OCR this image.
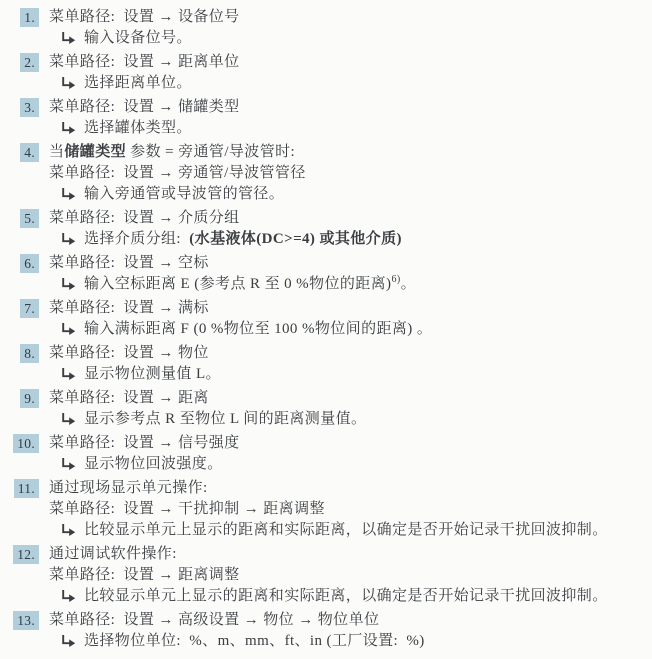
1. 菜单路径:  设置 → 设备位号
输入设备位号。
2. 菜单路径:  设置 → 距离单位
选择距离单位。
3. 菜单路径:  设置 → 储罐类型
选择罐体类型。
4. 当储罐类型 参数 = 旁通管/导波管时:
菜单路径:  设置 → 旁通管/导波管管径
输入旁通管或导波管的管径。
5. 菜单路径:  设置 → 介质分组
选择介质分组:  (水基液体(DC>=4) 或其他介质)
6. 菜单路径:  设置 → 空标
输入空标距离 E (参考点 R 至 0 %物位的距离)$^{6)}$。
7. 菜单路径:  设置 → 满标
输入满标距离 F (0 %物位至 100 %物位间的距离) 。
8. 菜单路径:  设置 → 物位
显示物位测量值 L。
9. 菜单路径:  设置 → 距离
显示参考点 R 至物位 L 间的距离测量值。
10. 菜单路径:  设置 → 信号强度
显示物位回波强度。
11. 通过现场显示单元操作:
菜单路径:  设置 → 干扰抑制 → 距离调整
比较显示单元上显示的距离和实际距离，以确定是否开始记录干扰回波抑制。
12. 通过调试软件操作:
菜单路径:  设置 → 距离调整
比较显示单元上显示的距离和实际距离，以确定是否开始记录干扰回波抑制。
13. 菜单路径:  设置 → 高级设置 → 物位 → 物位单位
选择物位单位:  %、m、mm、ft、in (工厂设置:  %)
